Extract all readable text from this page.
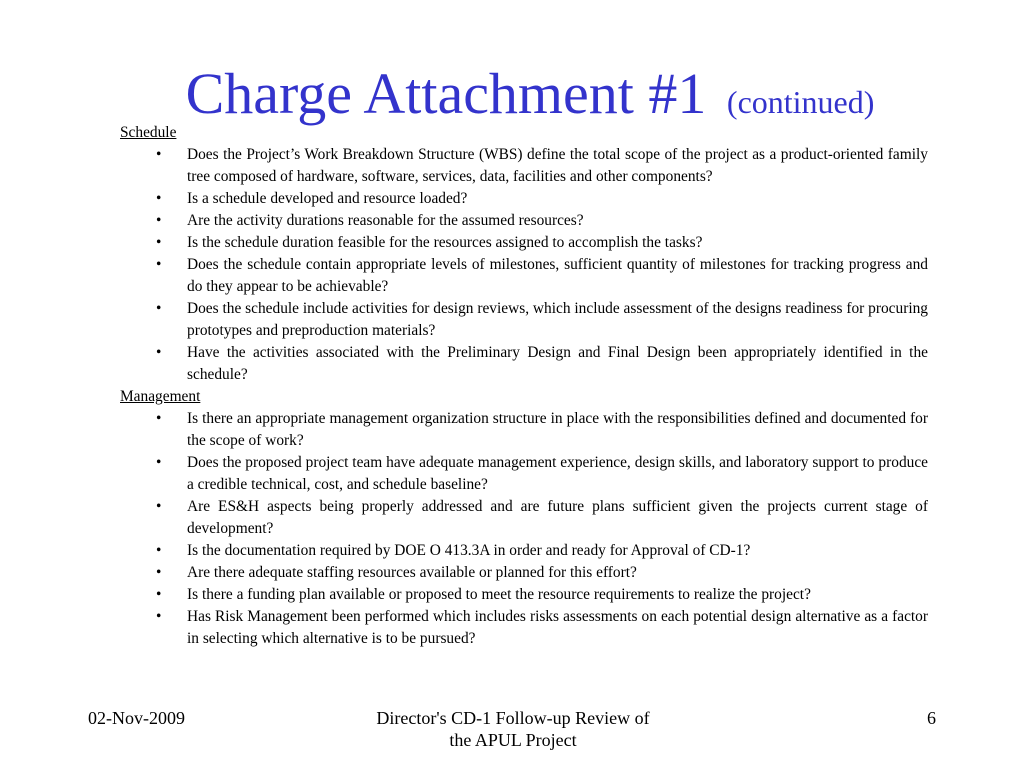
Charge Attachment #1 (continued)
Schedule
• Does the Project’s Work Breakdown Structure (WBS) define the total scope of the project as a product-oriented family tree composed of hardware, software, services, data, facilities and other components?
• Is a schedule developed and resource loaded?
• Are the activity durations reasonable for the assumed resources?
• Is the schedule duration feasible for the resources assigned to accomplish the tasks?
• Does the schedule contain appropriate levels of milestones, sufficient quantity of milestones for tracking progress and do they appear to be achievable?
• Does the schedule include activities for design reviews, which include assessment of the designs readiness for procuring prototypes and preproduction materials?
• Have the activities associated with the Preliminary Design and Final Design been appropriately identified in the schedule?
Management
• Is there an appropriate management organization structure in place with the responsibilities defined and documented for the scope of work?
• Does the proposed project team have adequate management experience, design skills, and laboratory support to produce a credible technical, cost, and schedule baseline?
• Are ES&H aspects being properly addressed and are future plans sufficient given the projects current stage of development?
• Is the documentation required by DOE O 413.3A in order and ready for Approval of CD-1?
• Are there adequate staffing resources available or planned for this effort?
• Is there a funding plan available or proposed to meet the resource requirements to realize the project?
• Has Risk Management been performed which includes risks assessments on each potential design alternative as a factor in selecting which alternative is to be pursued?
02-Nov-2009	Director's CD-1 Follow-up Review of
the APUL Project
6
